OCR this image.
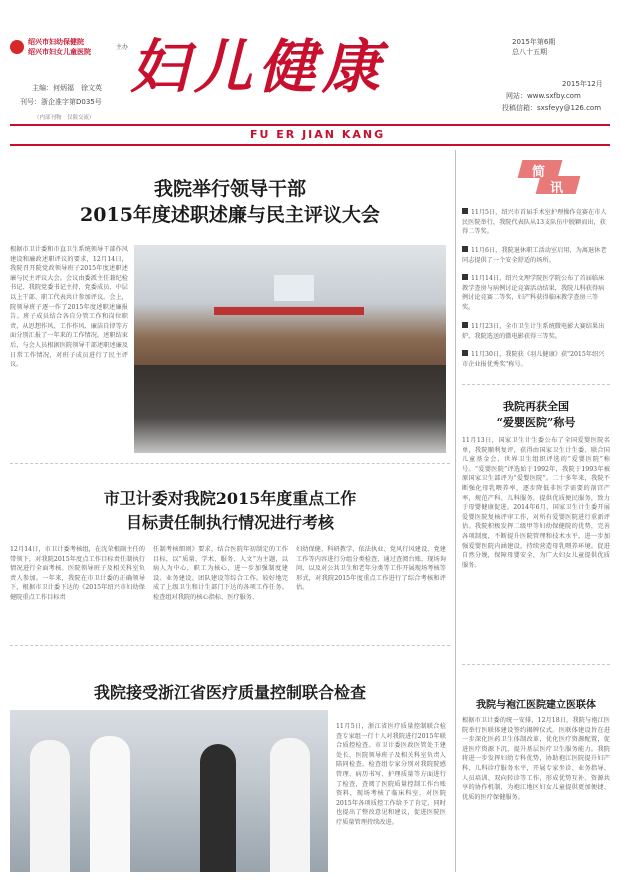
绍兴市妇幼保健院
绍兴市妇女儿童医院
主办 妇儿健康	2015年第6期
总八十五期
主编：何炳福　徐文英
刊号：浙企准字第D035号
（内部刊物　仅限交流）
2015年12月
网站：www.sxfby.com
投稿信箱：sxsfeyy@126.com
FU ER JIAN KANG
我院举行领导干部
2015年度述职述廉与民主评议大会
根据市卫计委和市直卫生系统领导干部作风建设和廉政述职评议的要求，12月14日，我院召开院党政领导班子2015年度述职述廉与民主评议大会。会议由委派主任兼纪检书记、我院党委书记主持，党委成员、中层以上干部、职工代表共计参加评议。会上，院领导班子逐一作了2015年度述职述廉报告。班子成员结合各自分管工作和岗位职责，从思想作风、工作作风、廉洁自律等方面分别汇报了一年来的工作情况。述职结束后，与会人员根据医院领导干部述职述廉及日常工作情况，对班子成员进行了民主评议。
市卫计委对我院2015年度重点工作
目标责任制执行情况进行考核
12月14日，市卫计委考核组，在沈荣根副主任的带领下，对我院2015年度点工作目标责任制执行情况进行全面考核。医院领导班子及相关科室负责人参加。一年来，我院在市卫计委的正确领导下，根据市卫计委下达的《2015年绍兴市妇幼保健院重点工作目标责
任制考核细则》要求，结合医院年初制定的工作目标，以“质量、学术、服务、人文”为主题，以病人为中心，职工为核心，进一步加强制度建设、业务建设、团队建设等综合工作。较好地完成了上级卫生和计生部门下达的各项工作任务。检查组对我院的核心指标、医疗服务、
妇幼保健、科研教学、依法执业、党风行风建设、党建工作等内容进行分组分类检查，通过查阅台账、现场询问、以及对公共卫生和老年分类等工作开展现场考核等形式，对我院2015年度重点工作进行了综合考核和评估。
我院接受浙江省医疗质量控制联合检查
11月5日，浙江省医疗质量控制联合检查专家组一行十人对我院进行2015年联合质控检查。市卫计委医政医管处王建处长、医院领导班子及相关科室负责人陪同检查。检查组专家分别对我院院感管理、病历书写、护理质量等方面进行了检查，查阅了医院质量控制工作台账资料，现场考核了临床科室，对医院2015年各项质控工作给予了肯定，同时也提出了整改意见和建议，促进医院医疗质量管理持续改进。
简
讯
11月5日，绍兴市首届手术室护理操作竞赛在市人民医院举行，我院代表队从13支队伍中脱颖而出，获得二等奖。
11月6日，我院退休职工活动室启用，为离退休老同志提供了一个安全舒适的场所。
11月14日，绍兴文理学院医学院公布了首届临床教学查房与病例讨论竞赛活动结果，我院儿科获得病例讨论竞赛二等奖，妇产科获得临床教学查房三等奖。
11月23日，全市卫生计生系统微电影大赛结果出炉，我院选送的微电影获得三等奖。
11月30日，我院获《羽儿健康》获"2015年绍兴市企业报优秀奖"称号。
我院再获全国
“爱婴医院”称号
11月13日，国家卫生计生委公布了全国爱婴医院名单，我院顺利复评，获得由国家卫生计生委、联合国儿童基金会、世界卫生组织评选的“爱婴医院”称号。“爱婴医院”评选始于1992年，我院于1993年被原国家卫生部评为“爱婴医院”。二十多年来，我院不断强化母乳喂养率，逐步降低非医学需要的剖宫产率，规范产科、儿科服务，提供优质便民服务，致力于母婴健康促进。2014年6月，国家卫生计生委开展爱婴医院复核评审工作，对所有爱婴医院进行重新评估。我院积极发挥二级甲等妇幼保健院的优势，完善各项制度，不断提升医院管理和技术水平，进一步加强爱婴医院内涵建设，持续营造母乳喂养环境。促进自然分娩，保障母婴安全，为广大妇女儿童提供优质服务。
我院与袍江医院建立医联体
根据市卫计委的统一安排，12月18日，我院与袍江医院举行医联体建设签约揭牌仪式。医联体建设旨在进一步深化医药卫生体制改革，优化医疗资源配置，促进医疗资源下沉，提升基层医疗卫生服务能力。我院将进一步发挥妇幼专科优势，协助袍江医院提升妇产科、儿科诊疗服务水平，开展专家坐诊、业务指导、人员培训、双向转诊等工作，形成优势互补、资源共享的协作机制，为袍江地区妇女儿童提供更加便捷、优质的医疗保健服务。
